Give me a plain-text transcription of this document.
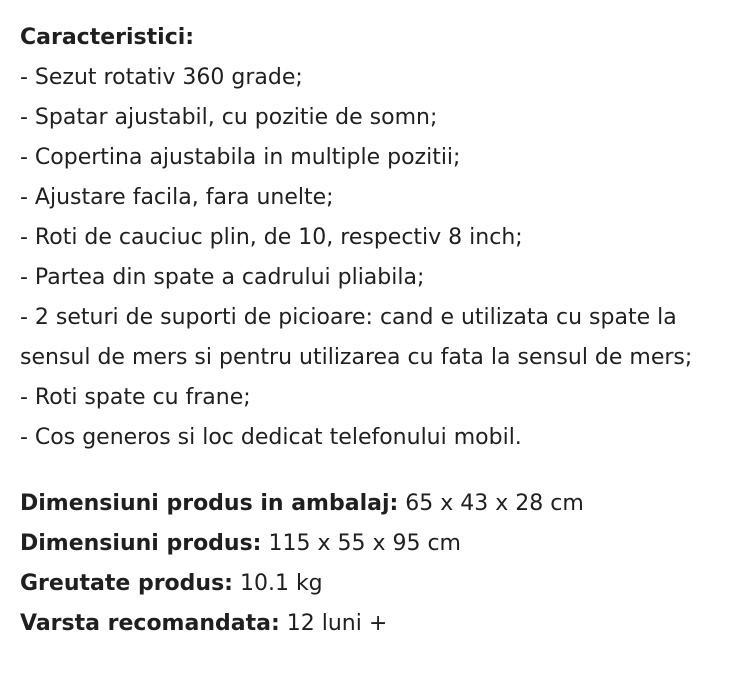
Caracteristici:
- Sezut rotativ 360 grade;
- Spatar ajustabil, cu pozitie de somn;
- Copertina ajustabila in multiple pozitii;
- Ajustare facila, fara unelte;
- Roti de cauciuc plin, de 10, respectiv 8 inch;
- Partea din spate a cadrului pliabila;
- 2 seturi de suporti de picioare: cand e utilizata cu spate la sensul de mers si pentru utilizarea cu fata la sensul de mers;
- Roti spate cu frane;
- Cos generos si loc dedicat telefonului mobil.
Dimensiuni produs in ambalaj: 65 x 43 x 28 cm
Dimensiuni produs: 115 x 55 x 95 cm
Greutate produs: 10.1 kg
Varsta recomandata: 12 luni +
